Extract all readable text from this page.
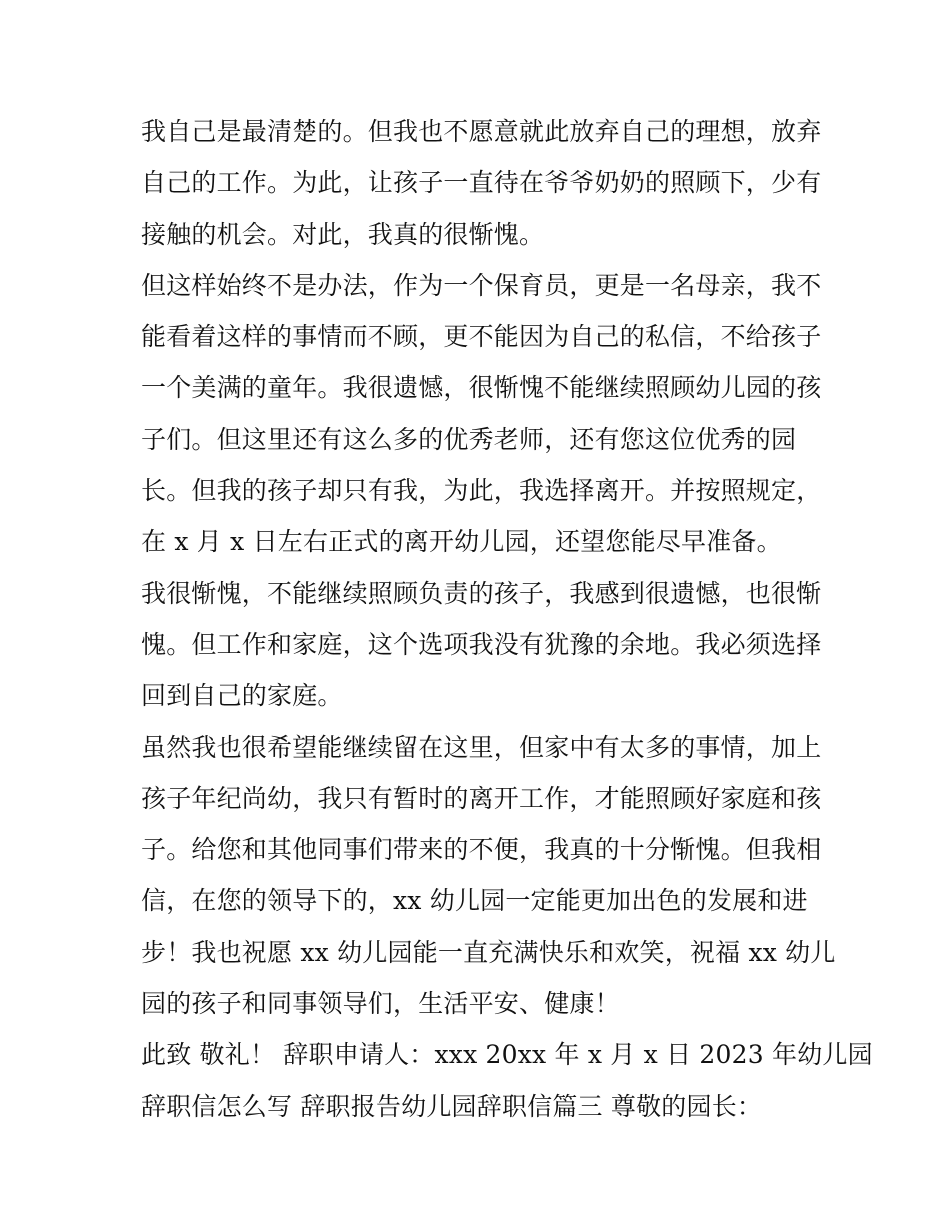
我自己是最清楚的。但我也不愿意就此放弃自己的理想，放弃
自己的工作。为此，让孩子一直待在爷爷奶奶的照顾下，少有
接触的机会。对此，我真的很惭愧。
但这样始终不是办法，作为一个保育员，更是一名母亲，我不
能看着这样的事情而不顾，更不能因为自己的私信，不给孩子
一个美满的童年。我很遗憾，很惭愧不能继续照顾幼儿园的孩
子们。但这里还有这么多的优秀老师，还有您这位优秀的园
长。但我的孩子却只有我，为此，我选择离开。并按照规定，
在 x 月 x 日左右正式的离开幼儿园，还望您能尽早准备。
我很惭愧，不能继续照顾负责的孩子，我感到很遗憾，也很惭
愧。但工作和家庭，这个选项我没有犹豫的余地。我必须选择
回到自己的家庭。
虽然我也很希望能继续留在这里，但家中有太多的事情，加上
孩子年纪尚幼，我只有暂时的离开工作，才能照顾好家庭和孩
子。给您和其他同事们带来的不便，我真的十分惭愧。但我相
信，在您的领导下的，xx 幼儿园一定能更加出色的发展和进
步！我也祝愿 xx 幼儿园能一直充满快乐和欢笑，祝福 xx 幼儿
园的孩子和同事领导们，生活平安、健康！
此致 敬礼！ 辞职申请人：xxx 20xx 年 x 月 x 日 2023 年幼儿园
辞职信怎么写 辞职报告幼儿园辞职信篇三 尊敬的园长：
